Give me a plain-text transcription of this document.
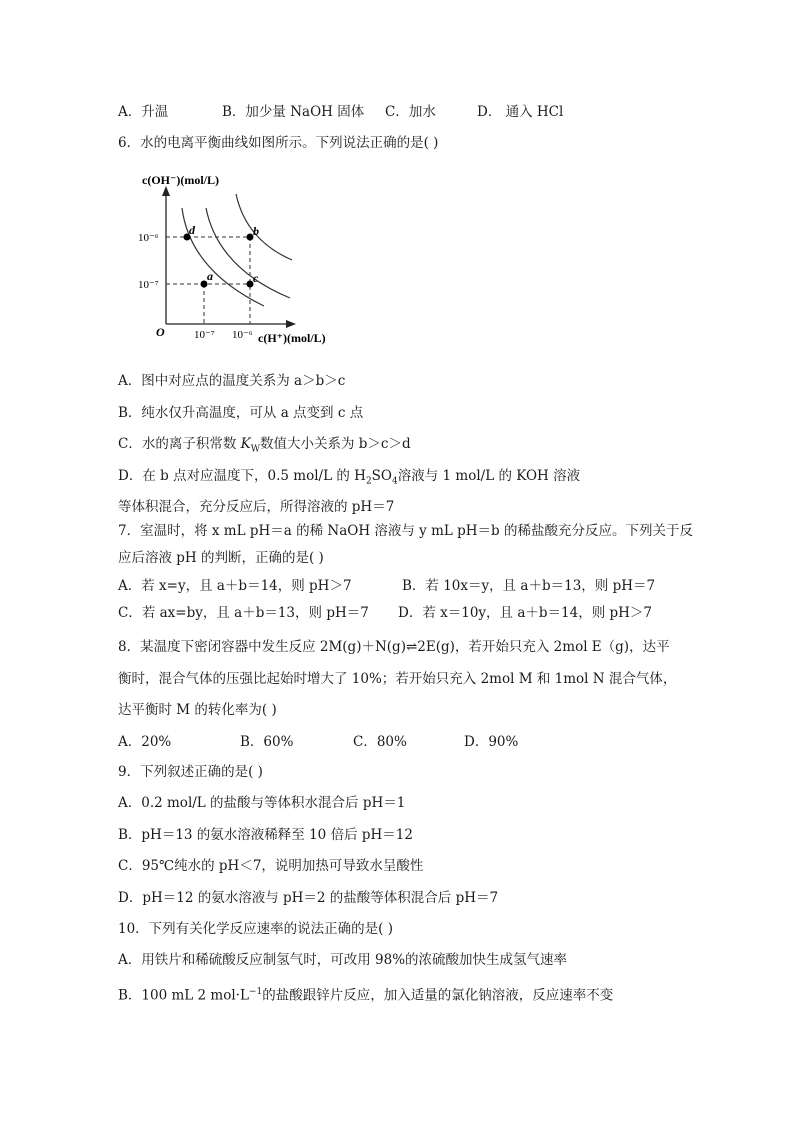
A．升温	B．加少量 NaOH 固体 C．加水	D． 通入 HCl
6．水的电离平衡曲线如图所示。下列说法正确的是( )
d	b
a	c
c(OH⁻)(mol/L)
c(H⁺)(mol/L)
10⁻⁶
10⁻⁷
10⁻⁷ 10⁻⁶
O
A．图中对应点的温度关系为 a＞b＞c
B．纯水仅升高温度，可从 a 点变到 c 点
C．水的离子积常数 $K_W$数值大小关系为 b＞c＞d
D．在 b 点对应温度下，0.5 mol/L 的 $H_2SO_4$溶液与 1 mol/L 的 KOH 溶液
等体积混合，充分反应后，所得溶液的 pH＝7
7．室温时，将 x mL pH＝a 的稀 NaOH 溶液与 y mL pH＝b 的稀盐酸充分反应。下列关于反
应后溶液 pH 的判断，正确的是( )
A．若 x=y，且 a＋b＝14，则 pH＞7	B．若 10x＝y，且 a＋b＝13，则 pH＝7
C．若 ax=by，且 a＋b＝13，则 pH＝7 D．若 x＝10y，且 a＋b＝14，则 pH＞7
8．某温度下密闭容器中发生反应 2M(g)＋N(g)⇌2E(g)，若开始只充入 2mol E（g)，达平
衡时，混合气体的压强比起始时增大了 10%；若开始只充入 2mol M 和 1mol N 混合气体，
达平衡时 M 的转化率为( )
A．20%	B．60%	C．80%	D．90%
9．下列叙述正确的是( )
A．0.2 mol/L 的盐酸与等体积水混合后 pH＝1
B．pH＝13 的氨水溶液稀释至 10 倍后 pH＝12
C．95℃纯水的 pH＜7，说明加热可导致水呈酸性
D．pH＝12 的氨水溶液与 pH＝2 的盐酸等体积混合后 pH＝7
10．下列有关化学反应速率的说法正确的是( )
A．用铁片和稀硫酸反应制氢气时，可改用 98%的浓硫酸加快生成氢气速率
B．100 mL 2 $mol\cdot L^{-1}$的盐酸跟锌片反应，加入适量的氯化钠溶液，反应速率不变
